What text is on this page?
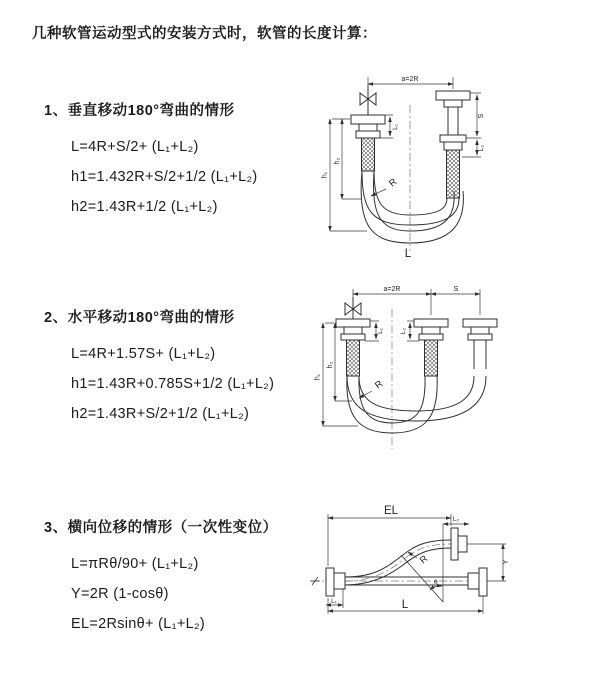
几种软管运动型式的安装方式时，软管的长度计算：
1、垂直移动180°弯曲的情形
L=4R+S/2+ (L₁+L₂)
h1=1.432R+S/2+1/2 (L₁+L₂)
h2=1.43R+1/2 (L₁+L₂)
2、水平移动180°弯曲的情形
L=4R+1.57S+ (L₁+L₂)
h1=1.43R+0.785S+1/2 (L₁+L₂)
h2=1.43R+S/2+1/2 (L₁+L₂)
3、横向位移的情形（一次性变位）
L=πRθ/90+ (L₁+L₂)
Y=2R (1-cosθ)
EL=2Rsinθ+ (L₁+L₂)
a=2R
h₁
h₂
L₁
S
L₂
R
L
a=2R	S
h₁
h₂
L₁ L₂
R
EL
L₂
Y
R
θ
L₁	L
